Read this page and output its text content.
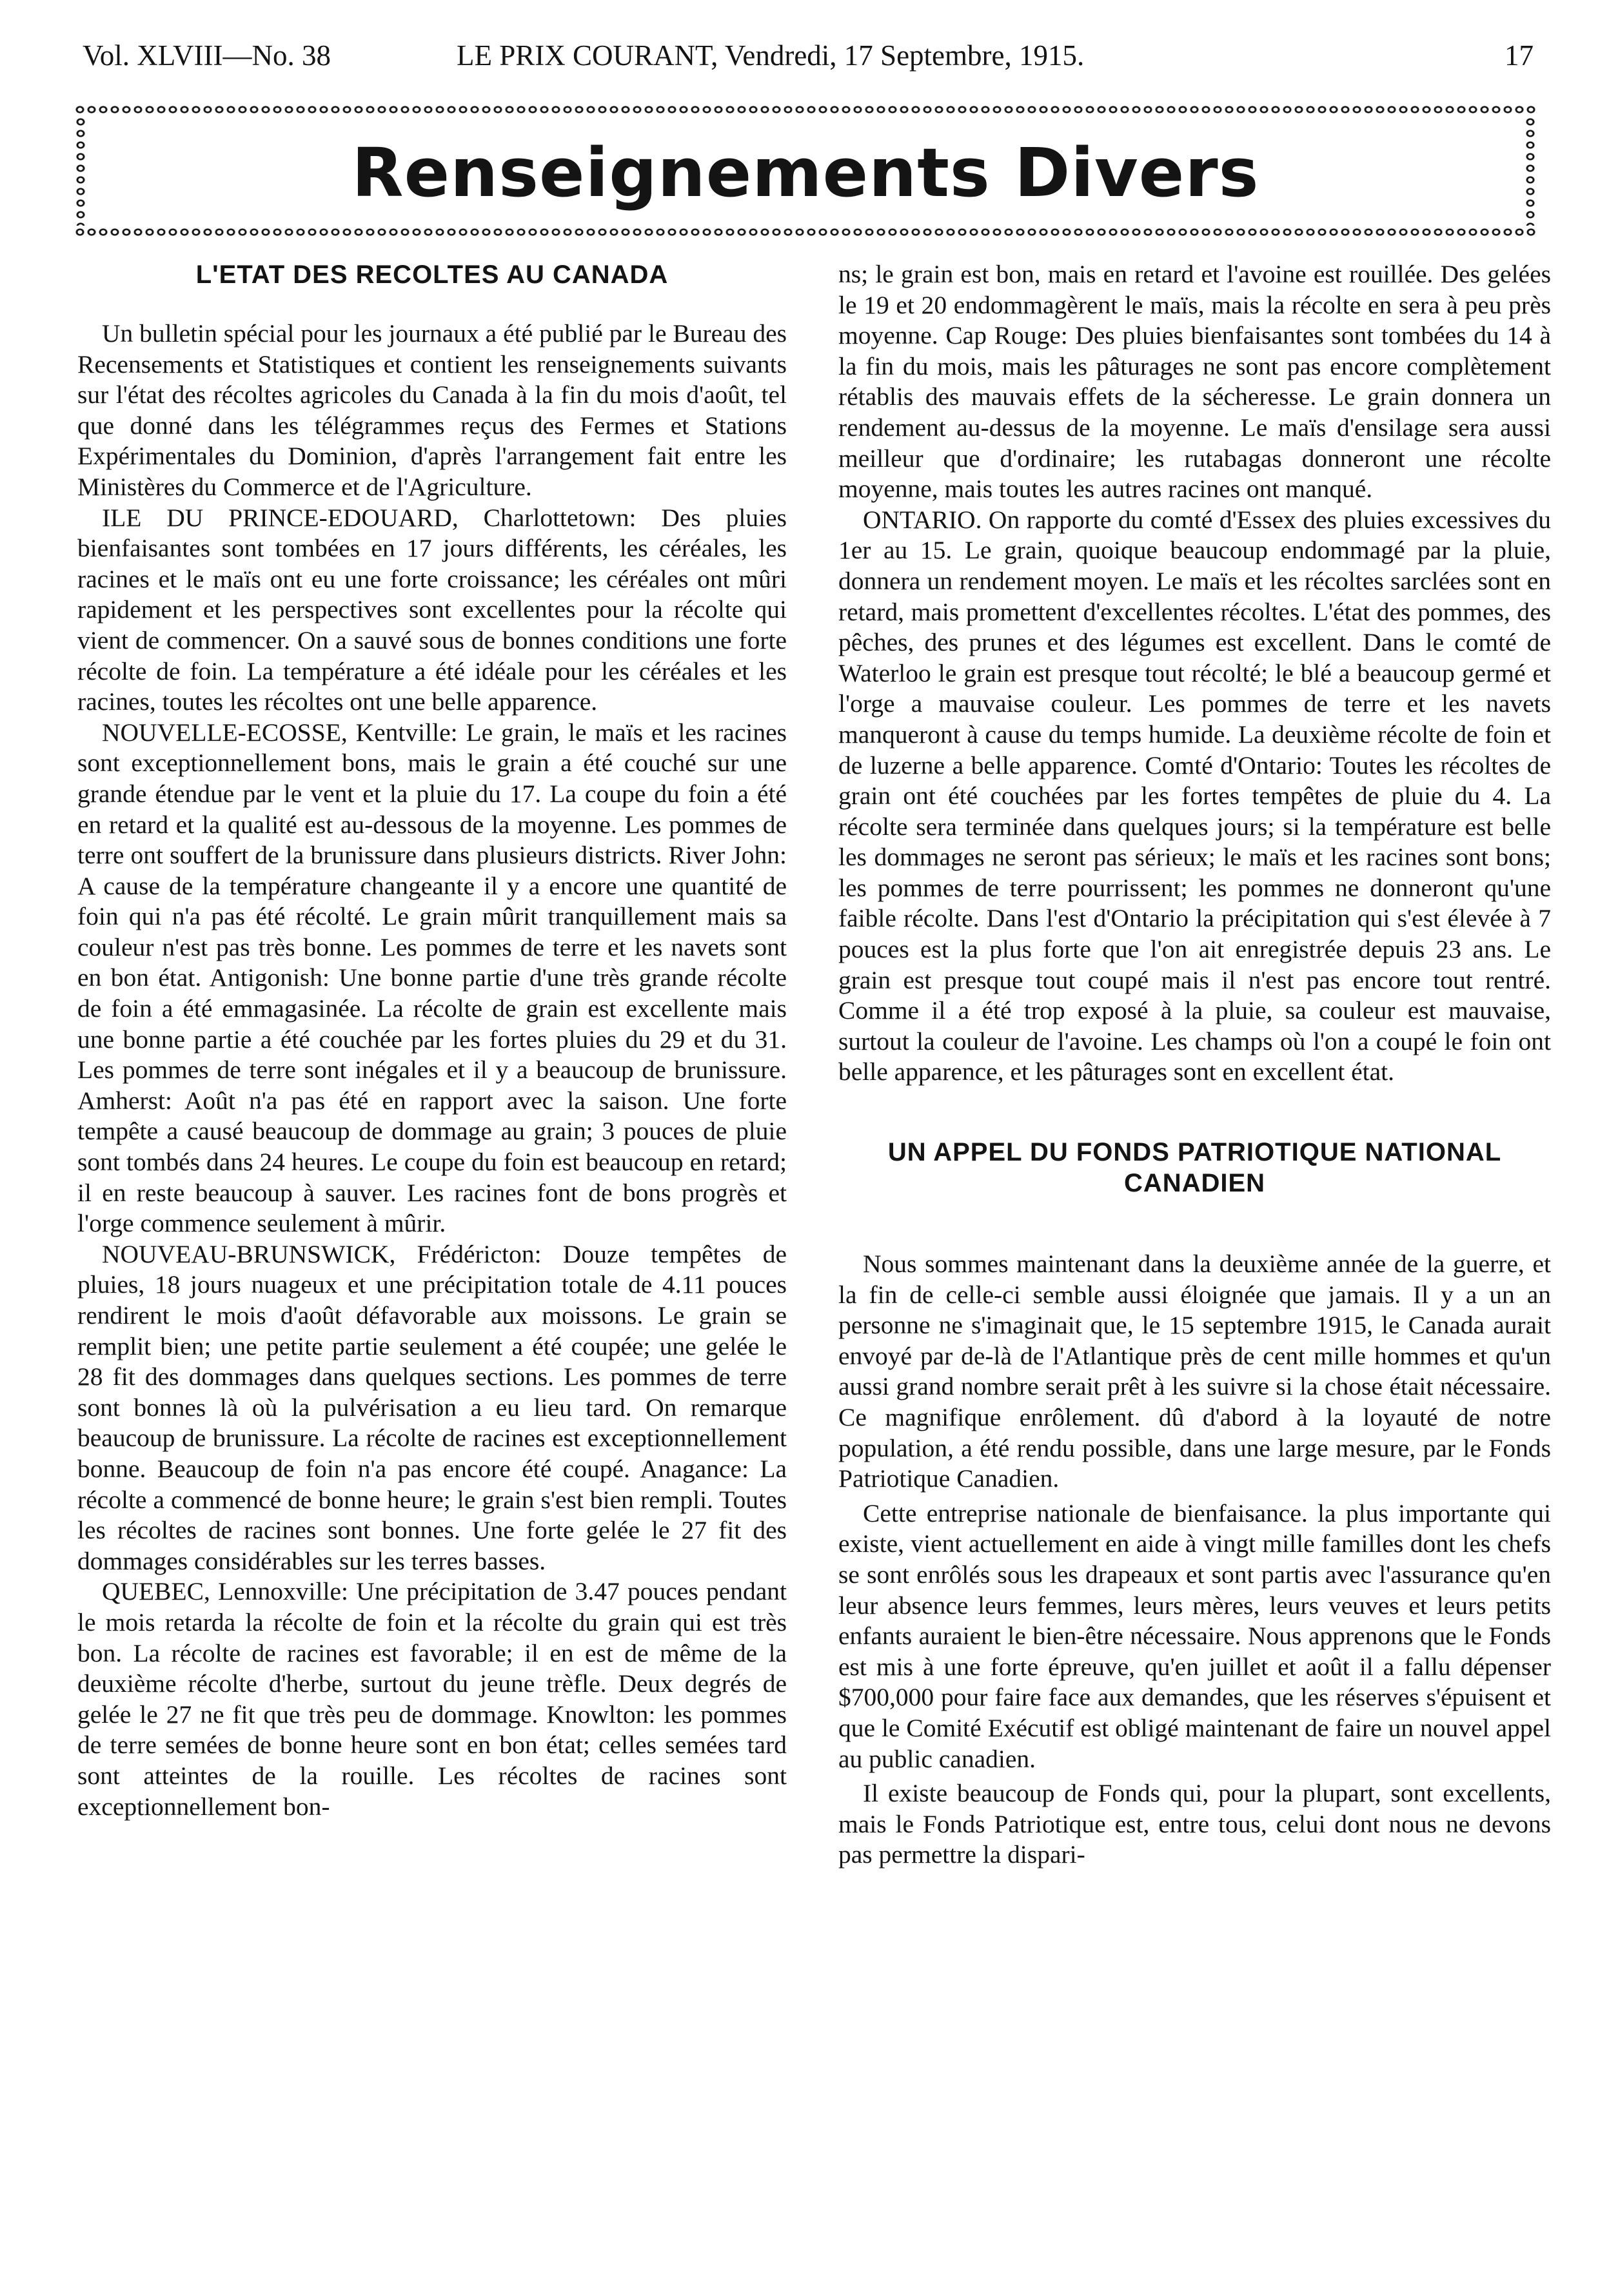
Vol. XLVIII—No. 38	LE PRIX COURANT, Vendredi, 17 Septembre, 1915.	17
Renseignements Divers
L'ETAT DES RECOLTES AU CANADA

Un bulletin spécial pour les journaux a été publié par le Bureau des Recensements et Statistiques et contient les renseignements suivants sur l'état des récoltes agricoles du Canada à la fin du mois d'août, tel que donné dans les télégrammes reçus des Fermes et Stations Expérimentales du Dominion, d'après l'arrangement fait entre les Ministères du Commerce et de l'Agriculture.

ILE DU PRINCE-EDOUARD, Charlottetown: Des pluies bienfaisantes sont tombées en 17 jours différents, les céréales, les racines et le maïs ont eu une forte croissance; les céréales ont mûri rapidement et les perspectives sont excellentes pour la récolte qui vient de commencer. On a sauvé sous de bonnes conditions une forte récolte de foin. La température a été idéale pour les céréales et les racines, toutes les récoltes ont une belle apparence.

NOUVELLE-ECOSSE, Kentville: Le grain, le maïs et les racines sont exceptionnellement bons, mais le grain a été couché sur une grande étendue par le vent et la pluie du 17. La coupe du foin a été en retard et la qualité est au-dessous de la moyenne. Les pommes de terre ont souffert de la brunissure dans plusieurs districts. River John: A cause de la température changeante il y a encore une quantité de foin qui n'a pas été récolté. Le grain mûrit tranquillement mais sa couleur n'est pas très bonne. Les pommes de terre et les navets sont en bon état. Antigonish: Une bonne partie d'une très grande récolte de foin a été emmagasinée. La récolte de grain est excellente mais une bonne partie a été couchée par les fortes pluies du 29 et du 31. Les pommes de terre sont inégales et il y a beaucoup de brunissure. Amherst: Août n'a pas été en rapport avec la saison. Une forte tempête a causé beaucoup de dommage au grain; 3 pouces de pluie sont tombés dans 24 heures. Le coupe du foin est beaucoup en retard; il en reste beaucoup à sauver. Les racines font de bons progrès et l'orge commence seulement à mûrir.

NOUVEAU-BRUNSWICK, Frédéricton: Douze tempêtes de pluies, 18 jours nuageux et une précipitation totale de 4.11 pouces rendirent le mois d'août défavorable aux moissons. Le grain se remplit bien; une petite partie seulement a été coupée; une gelée le 28 fit des dommages dans quelques sections. Les pommes de terre sont bonnes là où la pulvérisation a eu lieu tard. On remarque beaucoup de brunissure. La récolte de racines est exceptionnellement bonne. Beaucoup de foin n'a pas encore été coupé. Anagance: La récolte a commencé de bonne heure; le grain s'est bien rempli. Toutes les récoltes de racines sont bonnes. Une forte gelée le 27 fit des dommages considérables sur les terres basses.

QUEBEC, Lennoxville: Une précipitation de 3.47 pouces pendant le mois retarda la récolte de foin et la récolte du grain qui est très bon. La récolte de racines est favorable; il en est de même de la deuxième récolte d'herbe, surtout du jeune trèfle. Deux degrés de gelée le 27 ne fit que très peu de dommage. Knowlton: les pommes de terre semées de bonne heure sont en bon état; celles semées tard sont atteintes de la rouille. Les récoltes de racines sont exceptionnellement bon-

ns; le grain est bon, mais en retard et l'avoine est rouillée. Des gelées le 19 et 20 endommagèrent le maïs, mais la récolte en sera à peu près moyenne. Cap Rouge: Des pluies bienfaisantes sont tombées du 14 à la fin du mois, mais les pâturages ne sont pas encore complètement rétablis des mauvais effets de la sécheresse. Le grain donnera un rendement au-dessus de la moyenne. Le maïs d'ensilage sera aussi meilleur que d'ordinaire; les rutabagas donneront une récolte moyenne, mais toutes les autres racines ont manqué.

ONTARIO. On rapporte du comté d'Essex des pluies excessives du 1er au 15. Le grain, quoique beaucoup endommagé par la pluie, donnera un rendement moyen. Le maïs et les récoltes sarclées sont en retard, mais promettent d'excellentes récoltes. L'état des pommes, des pêches, des prunes et des légumes est excellent. Dans le comté de Waterloo le grain est presque tout récolté; le blé a beaucoup germé et l'orge a mauvaise couleur. Les pommes de terre et les navets manqueront à cause du temps humide. La deuxième récolte de foin et de luzerne a belle apparence. Comté d'Ontario: Toutes les récoltes de grain ont été couchées par les fortes tempêtes de pluie du 4. La récolte sera terminée dans quelques jours; si la température est belle les dommages ne seront pas sérieux; le maïs et les racines sont bons; les pommes de terre pourrissent; les pommes ne donneront qu'une faible récolte. Dans l'est d'Ontario la précipitation qui s'est élevée à 7 pouces est la plus forte que l'on ait enregistrée depuis 23 ans. Le grain est presque tout coupé mais il n'est pas encore tout rentré. Comme il a été trop exposé à la pluie, sa couleur est mauvaise, surtout la couleur de l'avoine. Les champs où l'on a coupé le foin ont belle apparence, et les pâturages sont en excellent état.

UN APPEL DU FONDS PATRIOTIQUE NATIONAL
CANADIEN

Nous sommes maintenant dans la deuxième année de la guerre, et la fin de celle-ci semble aussi éloignée que jamais. Il y a un an personne ne s'imaginait que, le 15 septembre 1915, le Canada aurait envoyé par de-là de l'Atlantique près de cent mille hommes et qu'un aussi grand nombre serait prêt à les suivre si la chose était nécessaire. Ce magnifique enrôlement. dû d'abord à la loyauté de notre population, a été rendu possible, dans une large mesure, par le Fonds Patriotique Canadien.

Cette entreprise nationale de bienfaisance. la plus importante qui existe, vient actuellement en aide à vingt mille familles dont les chefs se sont enrôlés sous les drapeaux et sont partis avec l'assurance qu'en leur absence leurs femmes, leurs mères, leurs veuves et leurs petits enfants auraient le bien-être nécessaire. Nous apprenons que le Fonds est mis à une forte épreuve, qu'en juillet et août il a fallu dépenser $700,000 pour faire face aux demandes, que les réserves s'épuisent et que le Comité Exécutif est obligé maintenant de faire un nouvel appel au public canadien.

Il existe beaucoup de Fonds qui, pour la plupart, sont excellents, mais le Fonds Patriotique est, entre tous, celui dont nous ne devons pas permettre la dispari-
